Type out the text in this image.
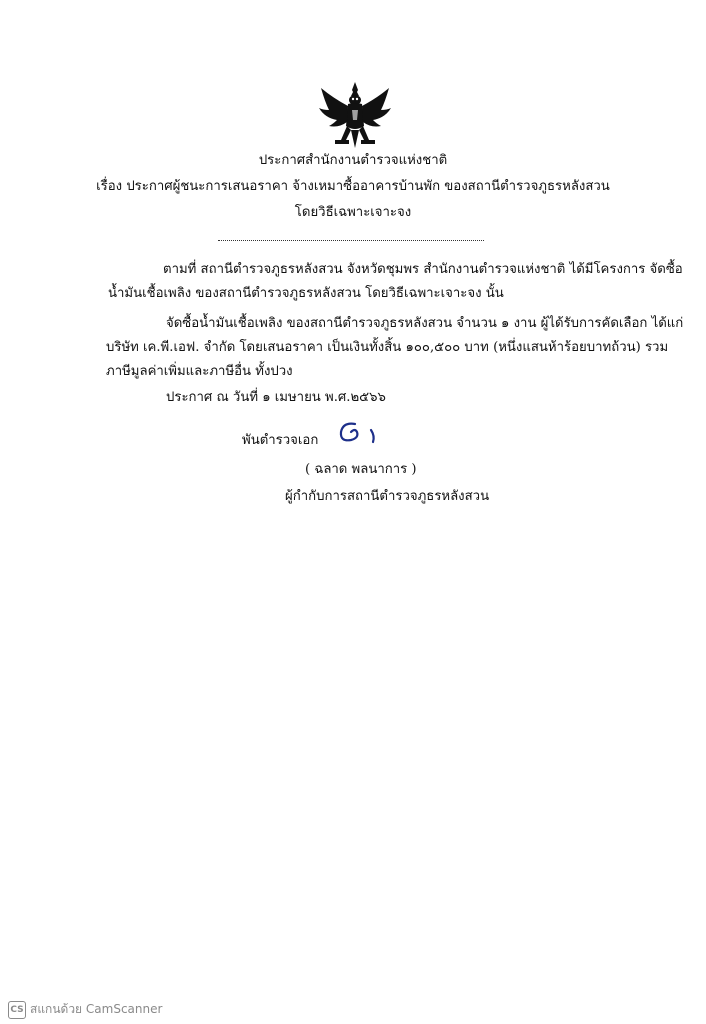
ประกาศสำนักงานตำรวจแห่งชาติ
เรื่อง ประกาศผู้ชนะการเสนอราคา จ้างเหมาซื้ออาคารบ้านพัก ของสถานีตำรวจภูธรหลังสวน
โดยวิธีเฉพาะเจาะจง
ตามที่ สถานีตำรวจภูธรหลังสวน จังหวัดชุมพร สำนักงานตำรวจแห่งชาติ ได้มีโครงการ จัดซื้อ
น้ำมันเชื้อเพลิง ของสถานีตำรวจภูธรหลังสวน โดยวิธีเฉพาะเจาะจง นั้น
จัดซื้อน้ำมันเชื้อเพลิง ของสถานีตำรวจภูธรหลังสวน จำนวน ๑ งาน ผู้ได้รับการคัดเลือก ได้แก่
บริษัท เค.พี.เอฟ. จำกัด โดยเสนอราคา เป็นเงินทั้งสิ้น ๑๐๐,๕๐๐ บาท (หนึ่งแสนห้าร้อยบาทถ้วน) รวม
ภาษีมูลค่าเพิ่มและภาษีอื่น ทั้งปวง
ประกาศ ณ วันที่ ๑ เมษายน พ.ศ.๒๕๖๖
พันตำรวจเอก
( ฉลาด พลนาการ )
ผู้กำกับการสถานีตำรวจภูธรหลังสวน
CS สแกนด้วย CamScanner
